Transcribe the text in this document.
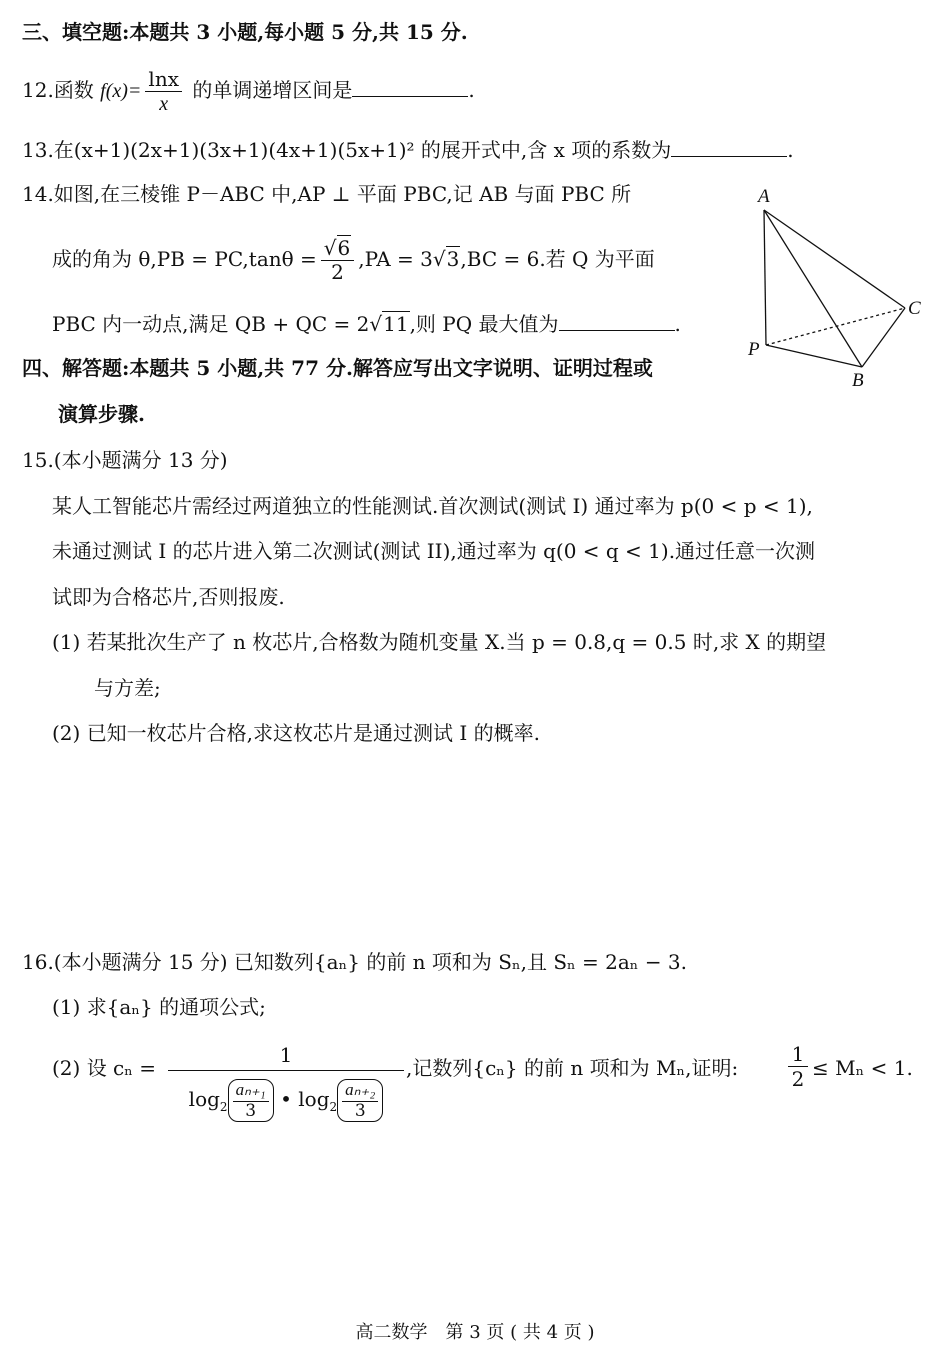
三、填空题:本题共 3 小题,每小题 5 分,共 15 分.
12.函数 $f(x)= \frac{\ln x}{x}$ 的单调递增区间是	.
13.在(x+1)(2x+1)(3x+1)(4x+1)(5x+1)² 的展开式中,含 x 项的系数为	.
14.如图,在三棱锥 P－ABC 中,AP ⊥ 平面 PBC,记 AB 与面 PBC 所
成的角为 $\theta,PB = PC,\tan\theta = \frac{√6}{2} ,PA = 3√3,BC = 6$.若 Q 为平面
PBC 内一动点,满足 QB + QC = 2√11,则 PQ 最大值为	.
A
P
B
C
四、解答题:本题共 5 小题,共 77 分.解答应写出文字说明、证明过程或
演算步骤.
15.(本小题满分 13 分)
某人工智能芯片需经过两道独立的性能测试.首次测试(测试 I) 通过率为 p(0 < p < 1),
未通过测试 I 的芯片进入第二次测试(测试 II),通过率为 q(0 < q < 1).通过任意一次测
试即为合格芯片,否则报废.
(1) 若某批次生产了 n 枚芯片,合格数为随机变量 X.当 p = 0.8,q = 0.5 时,求 X 的期望
与方差;
(2) 已知一枚芯片合格,求这枚芯片是通过测试 I 的概率.
16.(本小题满分 15 分) 已知数列{aₙ} 的前 n 项和为 Sₙ,且 Sₙ = 2aₙ − 3.
(1) 求{aₙ} 的通项公式;
(2) 设 $c_n = \frac{1}{\log_2 \frac{\text{aₙ₊₁}}{3} • \log_2 \frac{\text{aₙ₊₂}}{3}}$ ,记数列{cₙ} 的前 n 项和为 Mₙ,证明: $\frac{1}{2} \le M_n < 1$.
高二数学　第 3 页 ( 共 4 页 )
